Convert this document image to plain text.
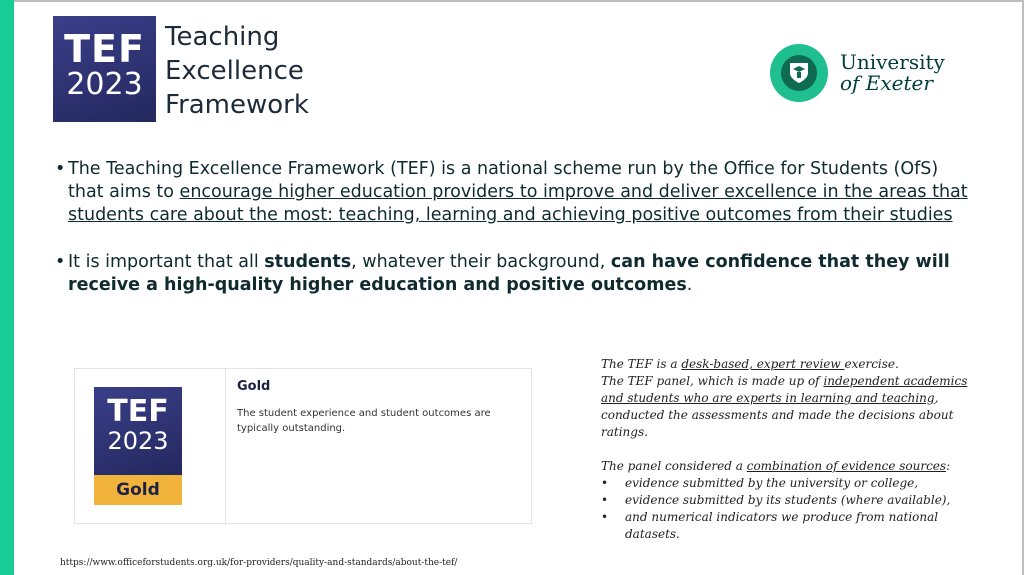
TEF
2023
Teaching
Excellence
Framework
University
of Exeter

• The Teaching Excellence Framework (TEF) is a national scheme run by the Office for Students (OfS) that aims to encourage higher education providers to improve and deliver excellence in the areas that students care about the most: teaching, learning and achieving positive outcomes from their studies

• It is important that all students, whatever their background, can have confidence that they will receive a high-quality higher education and positive outcomes.

TEF
2023
Gold
Gold
The student experience and student outcomes are typically outstanding.

The TEF is a desk-based, expert review exercise.

The TEF panel, which is made up of independent academics and students who are experts in learning and teaching, conducted the assessments and made the decisions about ratings.

The panel considered a combination of evidence sources:

• evidence submitted by the university or college,
• evidence submitted by its students (where available),
• and numerical indicators we produce from national datasets.
https://www.officeforstudents.org.uk/for-providers/quality-and-standards/about-the-tef/
